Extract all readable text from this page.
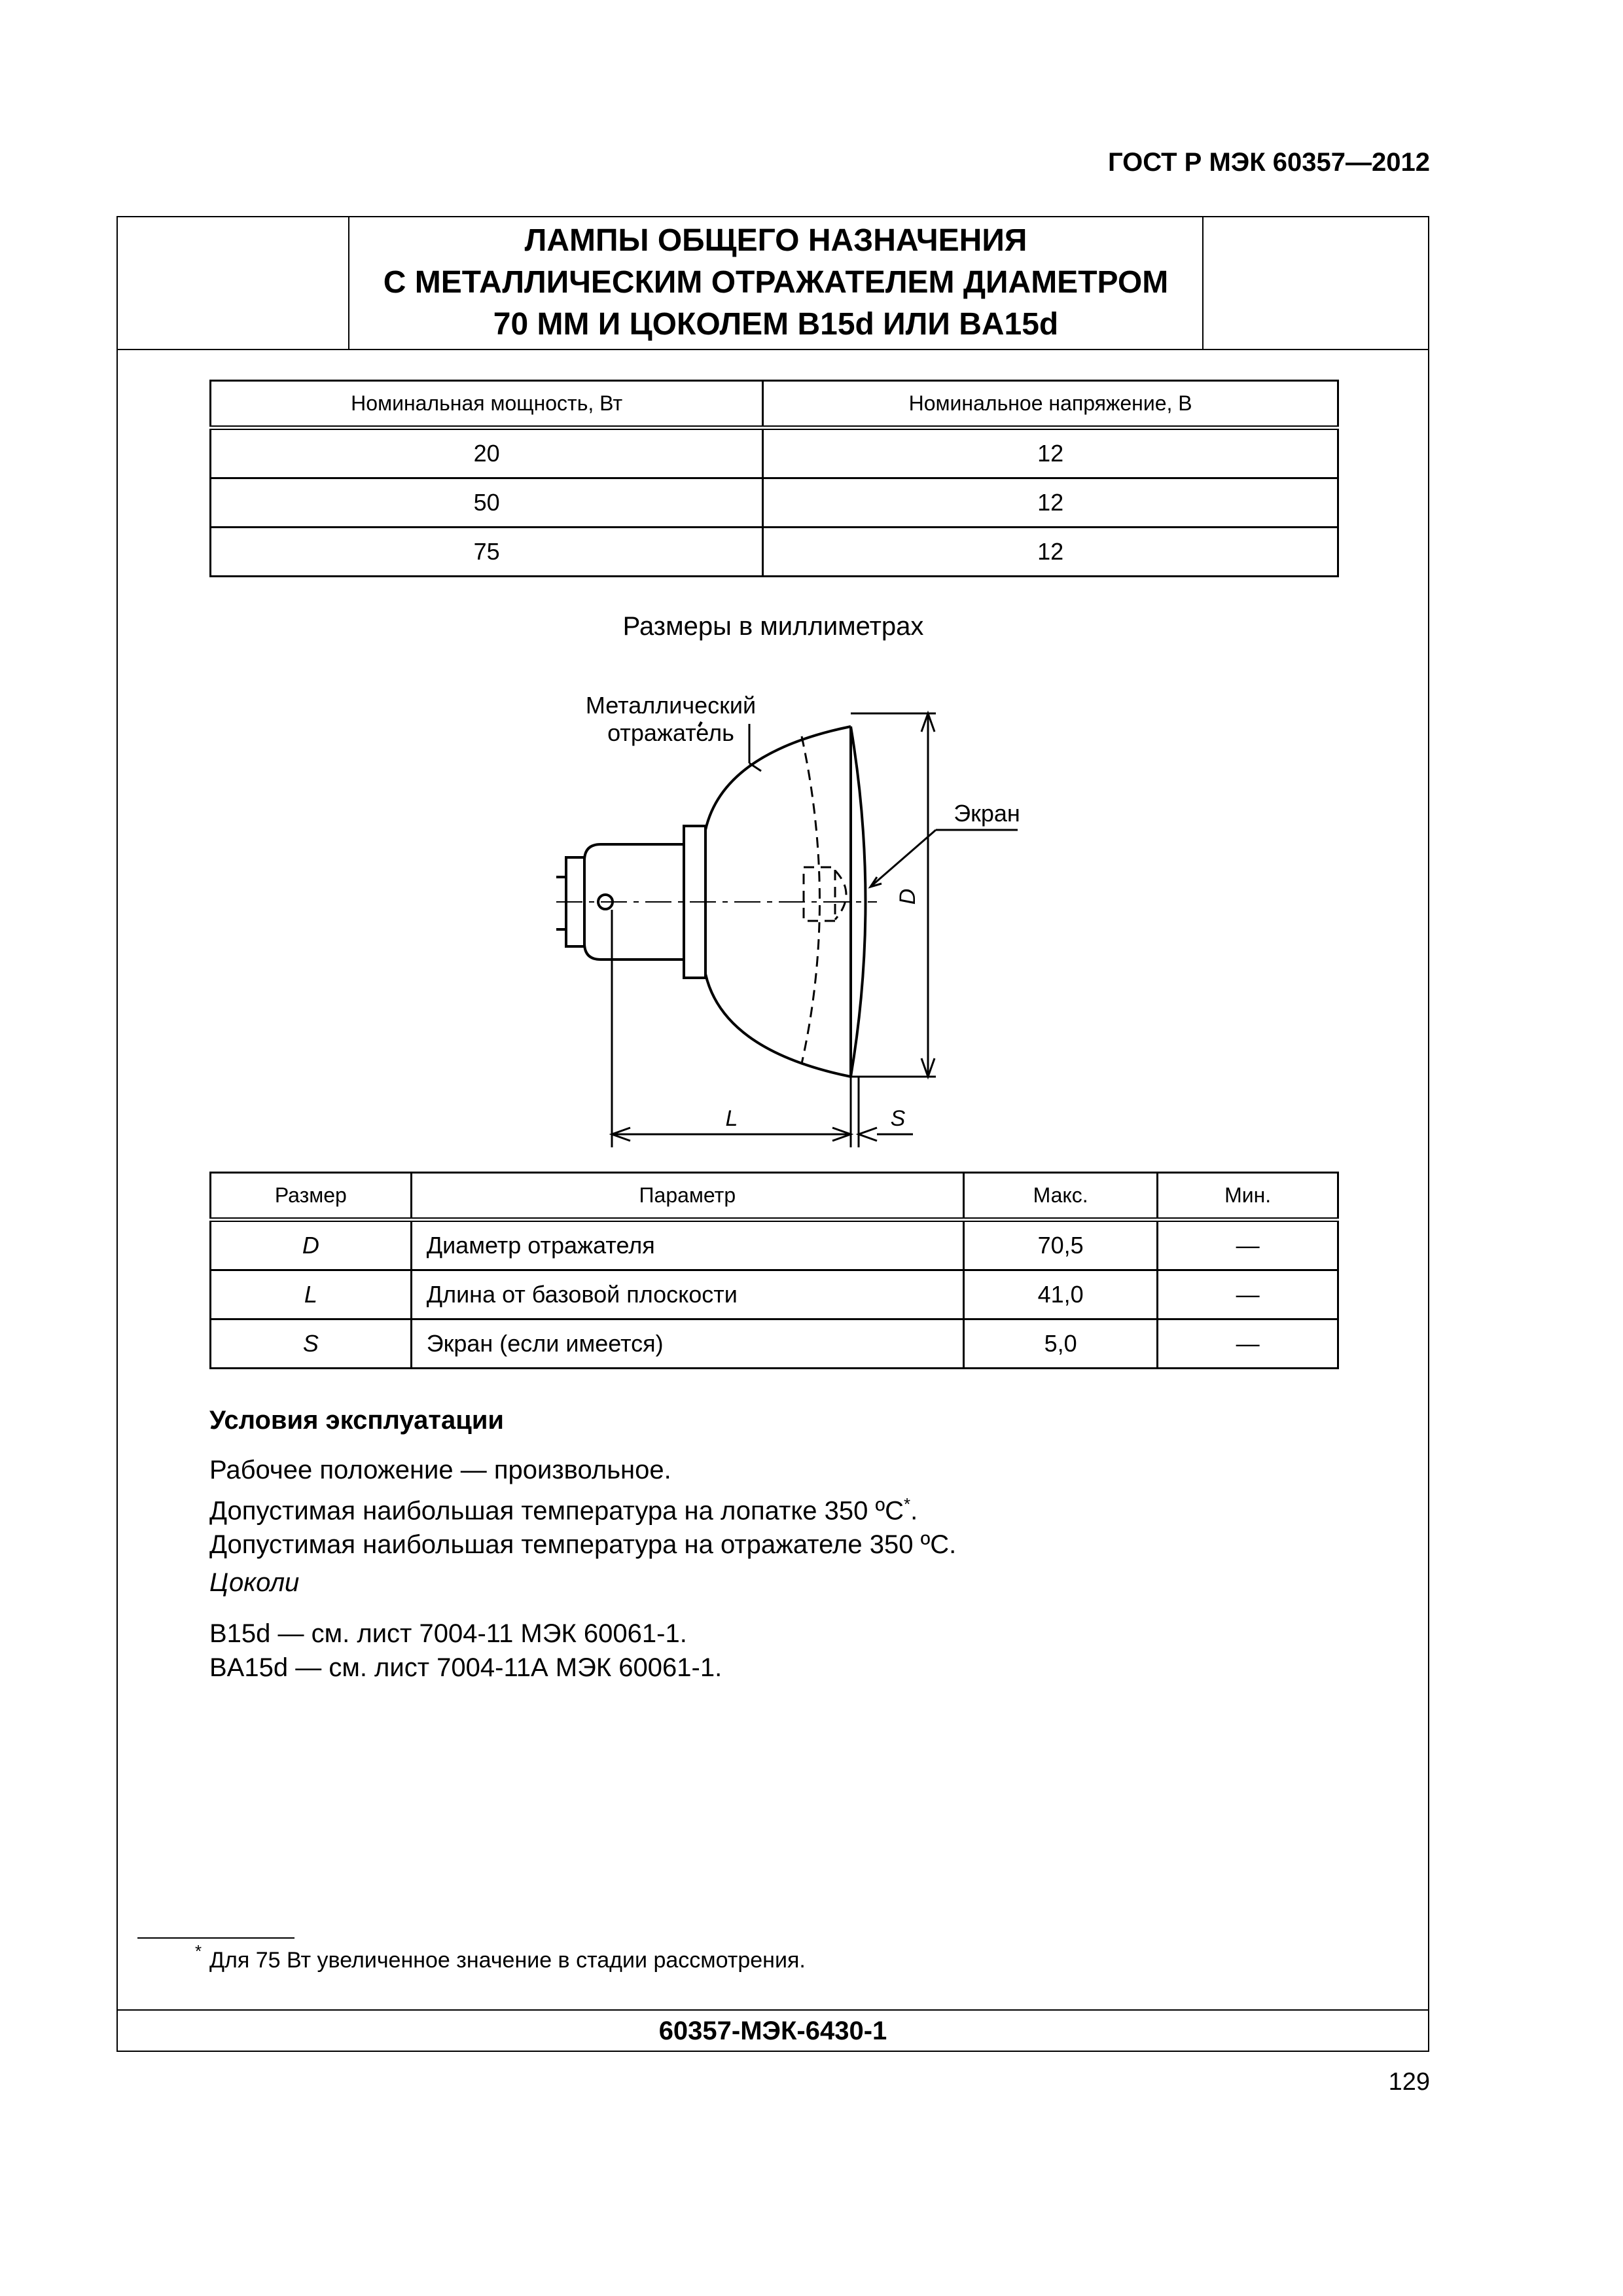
ГОСТ Р МЭК 60357—2012
ЛАМПЫ ОБЩЕГО НАЗНАЧЕНИЯ
С МЕТАЛЛИЧЕСКИМ ОТРАЖАТЕЛЕМ ДИАМЕТРОМ
70 ММ И ЦОКОЛЕМ B15d ИЛИ BA15d
Номинальная мощность, Вт	Номинальное напряжение, В
20	12
50	12
75	12
Размеры в миллиметрах
Металлический
отражатель
Экран
D
L	S
Размер	Параметр	Макс.	Мин.
D	Диаметр отражателя	70,5	—
L	Длина от базовой плоскости	41,0	—
S	Экран (если имеется)	5,0	—
Условия эксплуатации
Рабочее положение — произвольное.
Допустимая наибольшая температура на лопатке 350 ºС*.
Допустимая наибольшая температура на отражателе 350 ºС.
Цоколи
B15d — см. лист 7004-11 МЭК 60061-1.
BA15d — см. лист 7004-11А МЭК 60061-1.
* Для 75 Вт увеличенное значение в стадии рассмотрения.
60357-МЭК-6430-1
129
